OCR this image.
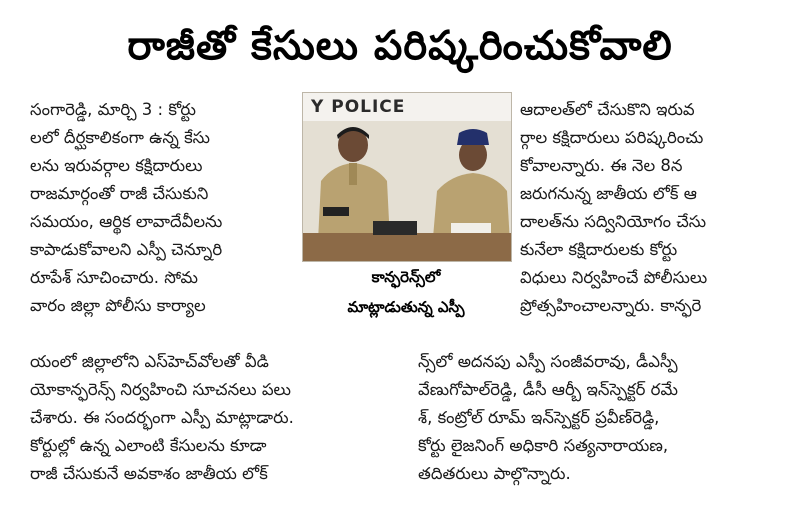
రాజీతో కేసులు పరిష్కరించుకోవాలి
సంగారెడ్డి, మార్చి 3 : కోర్టు
లలో దీర్ఘకాలికంగా ఉన్న కేసు
లను ఇరువర్గాల కక్షిదారులు
రాజమార్గంతో రాజీ చేసుకుని
సమయం, ఆర్థిక లావాదేవీలను
కాపాడుకోవాలని ఎస్పీ చెన్నూరి
రూపేశ్ సూచించారు. సోమ
వారం జిల్లా పోలీసు కార్యాల
Y POLICE
కాన్ఫరెన్స్‌లో
మాట్లాడుతున్న ఎస్పీ
ఆదాలత్‌లో చేసుకొని ఇరువ
ర్గాల కక్షిదారులు పరిష్కరించు
కోవాలన్నారు. ఈ నెల 8న
జరుగనున్న జాతీయ లోక్ ఆ
దాలత్‌ను సద్వినియోగం చేసు
కునేలా కక్షిదారులకు కోర్టు
విధులు నిర్వహించే పోలీసులు
ప్రోత్సహించాలన్నారు. కాన్ఫరె
యంలో జిల్లాలోని ఎస్‌హెచ్‌వోలతో వీడి
యోకాన్ఫరెన్స్ నిర్వహించి సూచనలు పలు
చేశారు. ఈ సందర్భంగా ఎస్పీ మాట్లాడారు.
కోర్టుల్లో ఉన్న ఎలాంటి కేసులను కూడా
రాజీ చేసుకునే అవకాశం జాతీయ లోక్
న్స్‌లో అదనపు ఎస్పీ సంజీవరావు, డీఎస్పీ
వేణుగోపాల్‌రెడ్డి, డీసీ ఆర్బీ ఇన్‌స్పెక్టర్ రమే
శ్, కంట్రోల్ రూమ్ ఇన్‌స్పెక్టర్ ప్రవీణ్‌రెడ్డి,
కోర్టు లైజనింగ్ అధికారి సత్యనారాయణ,
తదితరులు పాల్గొన్నారు.
